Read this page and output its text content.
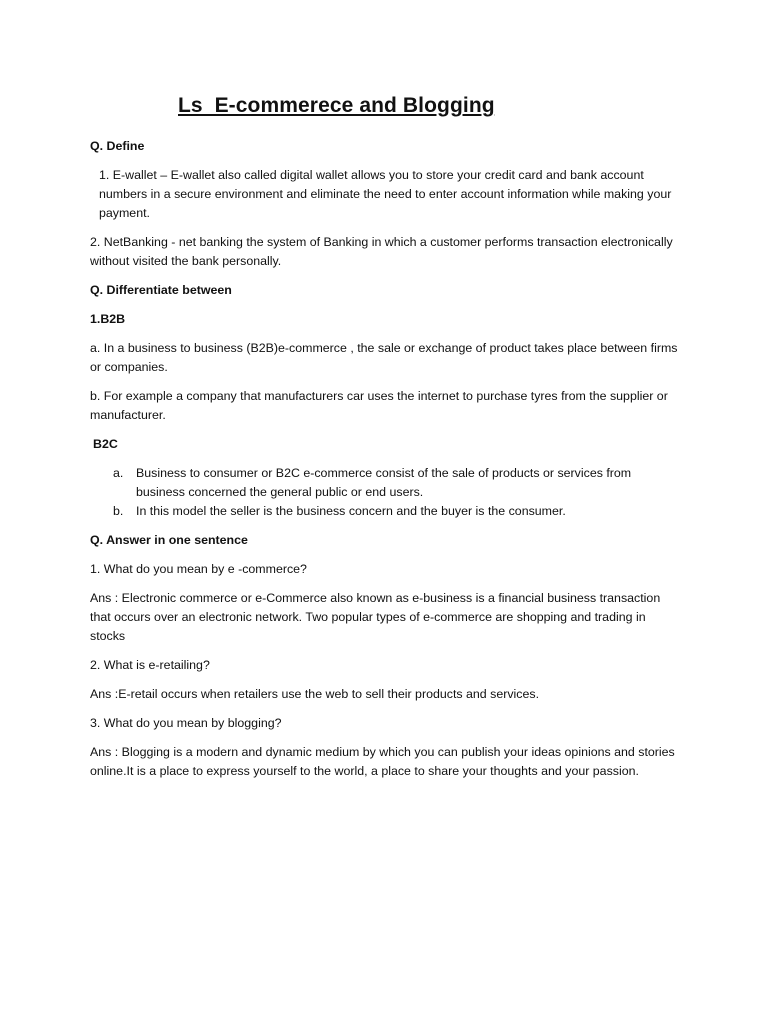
Ls  E-commerece and Blogging

Q. Define

1. E-wallet – E-wallet also called digital wallet allows you to store your credit card and bank account numbers in a secure environment and eliminate the need to enter account information while making your payment.

2. NetBanking - net banking the system of Banking in which a customer performs transaction electronically without visited the bank personally.

Q. Differentiate between

1.B2B

a. In a business to business (B2B)e-commerce , the sale or exchange of product takes place between firms or companies.

b. For example a company that manufacturers car uses the internet to purchase tyres from the supplier or manufacturer.

B2C

a. Business to consumer or B2C e-commerce consist of the sale of products or services from business concerned the general public or end users.
b. In this model the seller is the business concern and the buyer is the consumer.

Q. Answer in one sentence

1. What do you mean by e -commerce?

Ans : Electronic commerce or e-Commerce also known as e-business is a financial business transaction that occurs over an electronic network. Two popular types of e-commerce are shopping and trading in stocks

2. What is e-retailing?

Ans :E-retail occurs when retailers use the web to sell their products and services.

3. What do you mean by blogging?

Ans : Blogging is a modern and dynamic medium by which you can publish your ideas opinions and stories online.It is a place to express yourself to the world, a place to share your thoughts and your passion.
